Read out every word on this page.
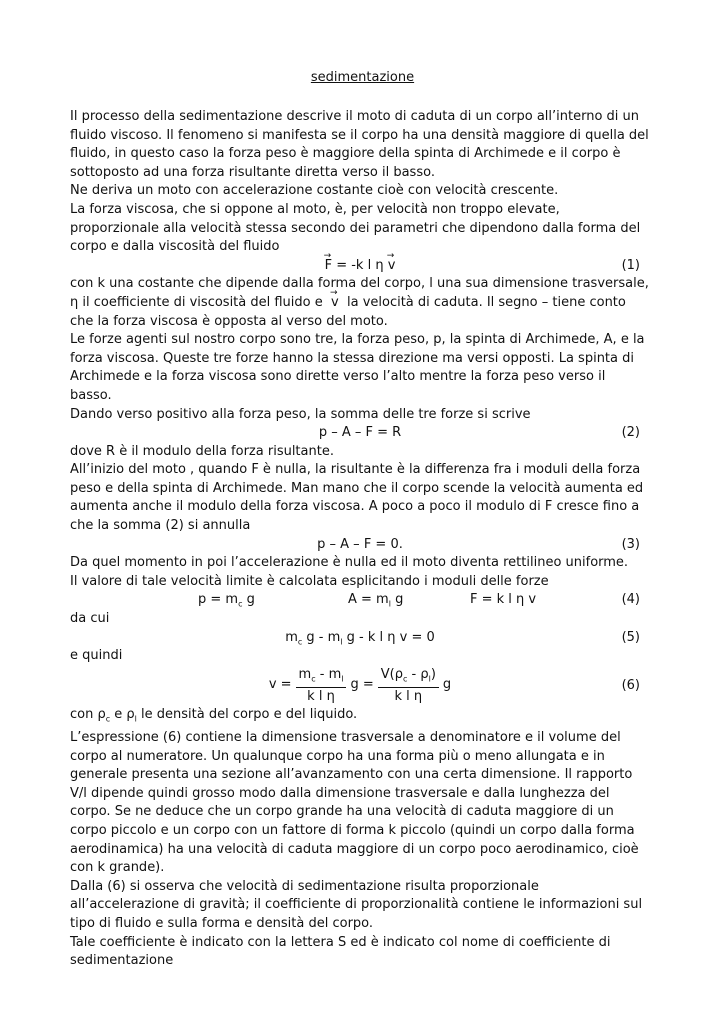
sedimentazione

Il processo della sedimentazione descrive il moto di caduta di un corpo all’interno di un fluido viscoso. Il fenomeno si manifesta se il corpo ha una densità maggiore di quella del fluido, in questo caso la forza peso è maggiore della spinta di Archimede e il corpo è sottoposto ad una forza risultante diretta verso il basso.

Ne deriva un moto con accelerazione costante cioè con velocità crescente.

La forza viscosa, che si oppone al moto, è, per velocità non troppo elevate, proporzionale alla velocità stessa secondo dei parametri che dipendono dalla forma del corpo e dalla viscosità del fluido

→ F = -k l η → v	(1)

con k una costante che dipende dalla forma del corpo, l una sua dimensione trasversale, η il coefficiente di viscosità del fluido e  → v la velocità di caduta. Il segno – tiene conto che la forza viscosa è opposta al verso del moto.

Le forze agenti sul nostro corpo sono tre, la forza peso, p, la spinta di Archimede, A, e la forza viscosa. Queste tre forze hanno la stessa direzione ma versi opposti. La spinta di Archimede e la forza viscosa sono dirette verso l’alto mentre la forza peso verso il basso.

Dando verso positivo alla forza peso, la somma delle tre forze si scrive

p – A – F = R	(2)

dove R è il modulo della forza risultante.

All’inizio del moto , quando F è nulla, la risultante è la differenza fra i moduli della forza peso e della spinta di Archimede. Man mano che il corpo scende la velocità aumenta ed aumenta anche il modulo della forza viscosa. A poco a poco il modulo di F cresce fino a che la somma (2) si annulla

p – A – F = 0.	(3)

Da quel momento in poi l’accelerazione è nulla ed il moto diventa rettilineo uniforme.

Il valore di tale velocità limite è calcolata esplicitando i moduli delle forze

$p = m_c$ g	$A = m_l$ g	F = k l η v	(4)

da cui

$m_c$ g - $m_l$ g - k l η v = 0	(5)

e quindi

$v = \frac{m_c - m_l}{\text{k l η}}$ $g = \frac{V(\rho_c - \rho_l)}{\text{k l η}}$ g	(6)

con $\rho_c$ e $\rho_l$ le densità del corpo e del liquido.

L’espressione (6) contiene la dimensione trasversale a denominatore e il volume del corpo al numeratore. Un qualunque corpo ha una forma più o meno allungata e in generale presenta una sezione all’avanzamento con una certa dimensione. Il rapporto V/l dipende quindi grosso modo dalla dimensione trasversale e dalla lunghezza del corpo. Se ne deduce che un corpo grande ha una velocità di caduta maggiore di un corpo piccolo e un corpo con un fattore di forma k piccolo (quindi un corpo dalla forma aerodinamica) ha una velocità di caduta maggiore di un corpo poco aerodinamico, cioè con k grande).

Dalla (6) si osserva che velocità di sedimentazione risulta proporzionale all’accelerazione di gravità; il coefficiente di proporzionalità contiene le informazioni sul tipo di fluido e sulla forma e densità del corpo.

Tale coefficiente è indicato con la lettera S ed è indicato col nome di coefficiente di sedimentazione
